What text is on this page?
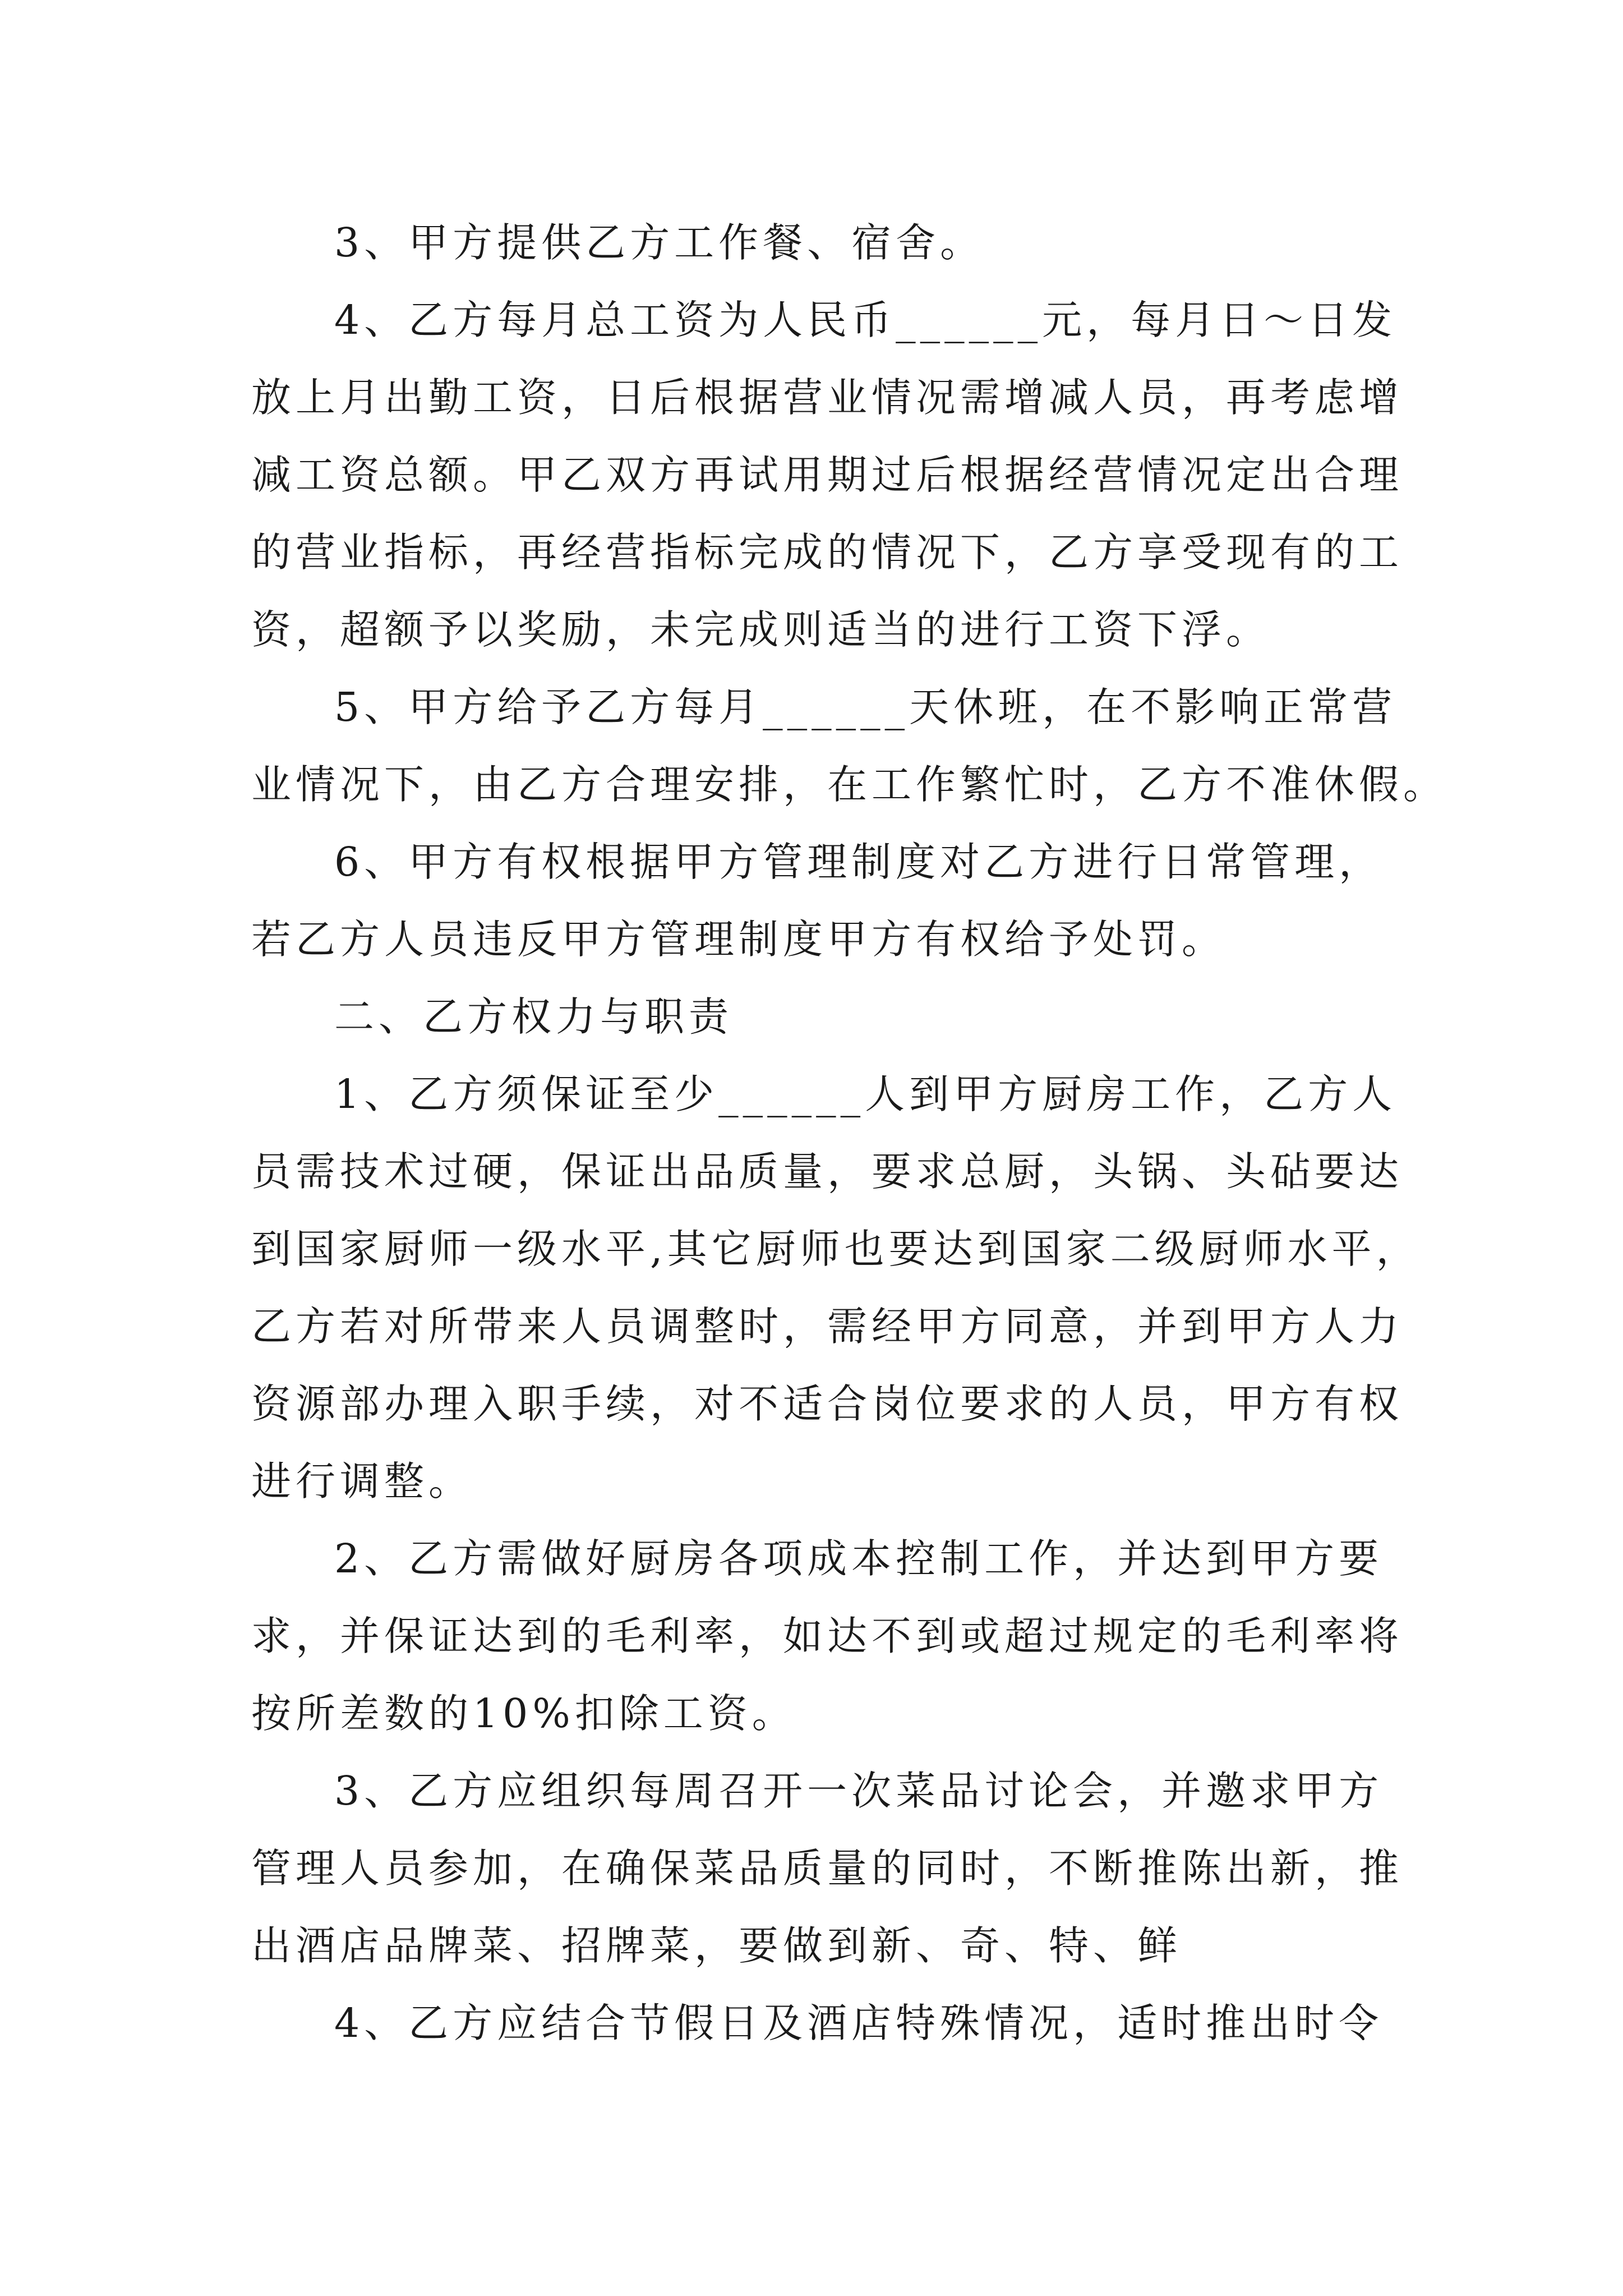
3、甲方提供乙方工作餐、宿舍。

4、乙方每月总工资为人民币______元，每月日～日发

放上月出勤工资，日后根据营业情况需增减人员，再考虑增

减工资总额。甲乙双方再试用期过后根据经营情况定出合理

的营业指标，再经营指标完成的情况下，乙方享受现有的工

资，超额予以奖励，未完成则适当的进行工资下浮。

5、甲方给予乙方每月______天休班，在不影响正常营

业情况下，由乙方合理安排，在工作繁忙时，乙方不准休假。

6、甲方有权根据甲方管理制度对乙方进行日常管理，

若乙方人员违反甲方管理制度甲方有权给予处罚。

二、乙方权力与职责

1、乙方须保证至少______人到甲方厨房工作，乙方人

员需技术过硬，保证出品质量，要求总厨，头锅、头砧要达

到国家厨师一级水平,其它厨师也要达到国家二级厨师水平，

乙方若对所带来人员调整时，需经甲方同意，并到甲方人力

资源部办理入职手续，对不适合岗位要求的人员，甲方有权

进行调整。

2、乙方需做好厨房各项成本控制工作，并达到甲方要

求，并保证达到的毛利率，如达不到或超过规定的毛利率将

按所差数的10%扣除工资。

3、乙方应组织每周召开一次菜品讨论会，并邀求甲方

管理人员参加，在确保菜品质量的同时，不断推陈出新，推

出酒店品牌菜、招牌菜，要做到新、奇、特、鲜

4、乙方应结合节假日及酒店特殊情况，适时推出时令
